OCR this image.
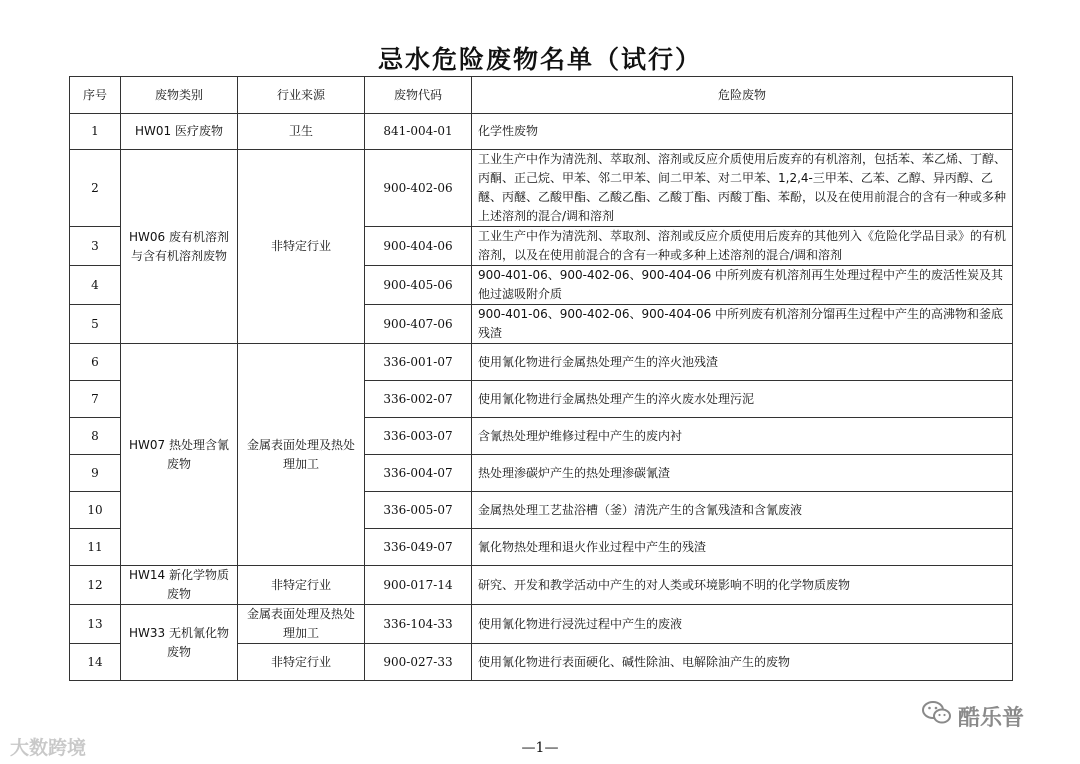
忌水危险废物名单（试行）
序号	废物类别	行业来源	废物代码	危险废物
1	HW01 医疗废物	卫生	841-004-01	化学性废物
2	HW06 废有机溶剂与含有机溶剂废物	非特定行业	900-402-06	工业生产中作为清洗剂、萃取剂、溶剂或反应介质使用后废弃的有机溶剂，包括苯、苯乙烯、丁醇、丙酮、正己烷、甲苯、邻二甲苯、间二甲苯、对二甲苯、1,2,4-三甲苯、乙苯、乙醇、异丙醇、乙醚、丙醚、乙酸甲酯、乙酸乙酯、乙酸丁酯、丙酸丁酯、苯酚，以及在使用前混合的含有一种或多种上述溶剂的混合/调和溶剂
3			900-404-06	工业生产中作为清洗剂、萃取剂、溶剂或反应介质使用后废弃的其他列入《危险化学品目录》的有机溶剂，以及在使用前混合的含有一种或多种上述溶剂的混合/调和溶剂
4			900-405-06	900-401-06、900-402-06、900-404-06 中所列废有机溶剂再生处理过程中产生的废活性炭及其他过滤吸附介质
5			900-407-06	900-401-06、900-402-06、900-404-06 中所列废有机溶剂分馏再生过程中产生的高沸物和釜底残渣
6	HW07 热处理含氰废物	金属表面处理及热处理加工	336-001-07	使用氰化物进行金属热处理产生的淬火池残渣
7			336-002-07	使用氰化物进行金属热处理产生的淬火废水处理污泥
8			336-003-07	含氰热处理炉维修过程中产生的废内衬
9			336-004-07	热处理渗碳炉产生的热处理渗碳氰渣
10			336-005-07	金属热处理工艺盐浴槽（釜）清洗产生的含氰残渣和含氰废液
11			336-049-07	氰化物热处理和退火作业过程中产生的残渣
12	HW14 新化学物质废物	非特定行业	900-017-14	研究、开发和教学活动中产生的对人类或环境影响不明的化学物质废物
13	HW33 无机氰化物废物	金属表面处理及热处理加工	336-104-33	使用氰化物进行浸洗过程中产生的废液
14		非特定行业	900-027-33	使用氰化物进行表面硬化、碱性除油、电解除油产生的废物
—1—
大数跨境
酷乐普
